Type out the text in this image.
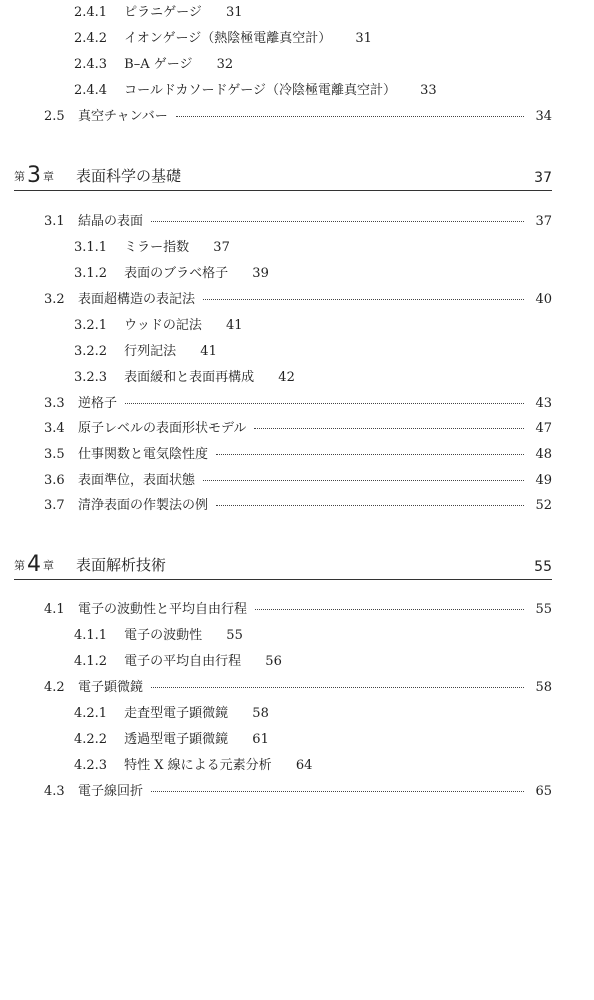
2.4.1 ピラニゲージ 31
2.4.2 イオンゲージ（熱陰極電離真空計） 31
2.4.3 B–A ゲージ 32
2.4.4 コールドカソードゲージ（冷陰極電離真空計） 33
2.5	真空チャンバー	34
第3 章 表面科学の基礎	37
3.1	結晶の表面	37
3.1.1 ミラー指数 37
3.1.2 表面のブラベ格子 39
3.2	表面超構造の表記法	40
3.2.1 ウッドの記法 41
3.2.2 行列記法 41
3.2.3 表面緩和と表面再構成 42
3.3	逆格子	43
3.4	原子レベルの表面形状モデル	47
3.5	仕事関数と電気陰性度	48
3.6	表面準位，表面状態	49
3.7	清浄表面の作製法の例	52
第4 章 表面解析技術	55
4.1	電子の波動性と平均自由行程	55
4.1.1 電子の波動性 55
4.1.2 電子の平均自由行程 56
4.2	電子顕微鏡	58
4.2.1 走査型電子顕微鏡 58
4.2.2 透過型電子顕微鏡 61
4.2.3 特性 X 線による元素分析 64
4.3	電子線回折	65
